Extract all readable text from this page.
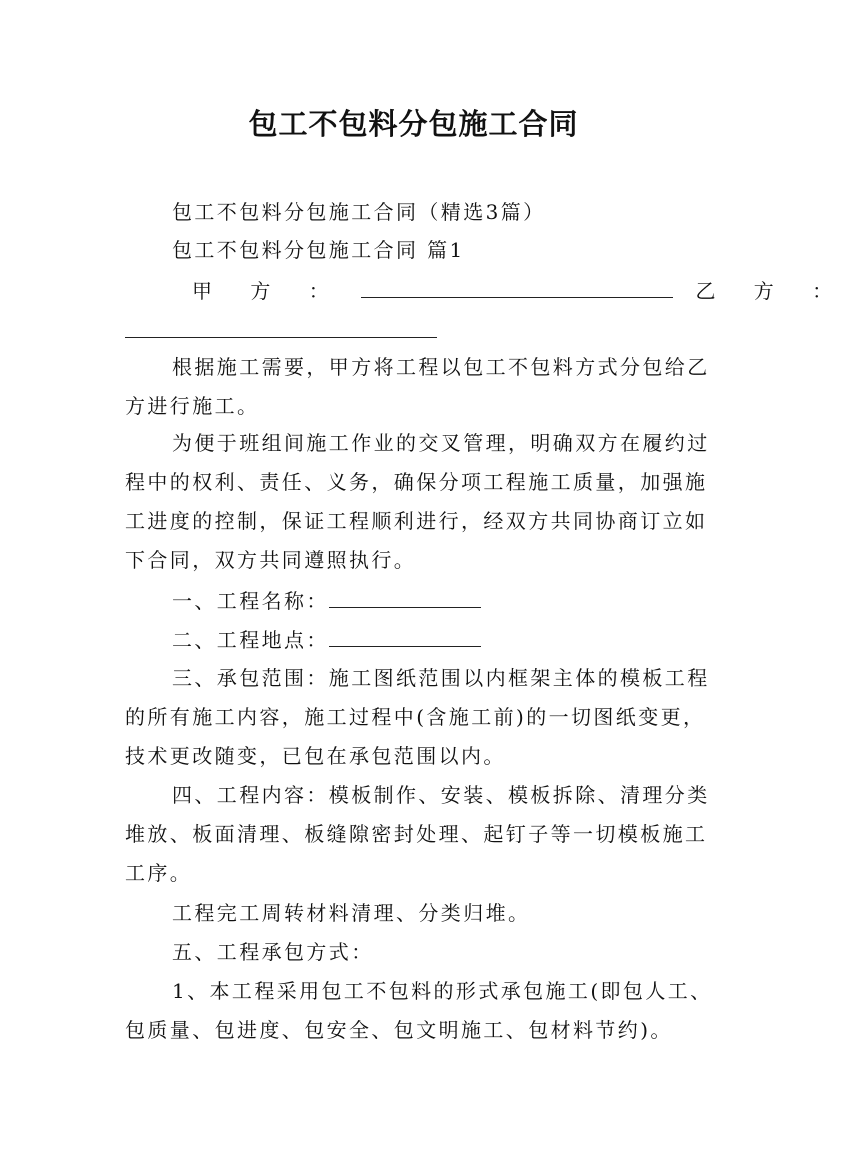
包工不包料分包施工合同
包工不包料分包施工合同（精选3篇）
包工不包料分包施工合同 篇1
甲 方 ：	乙 方 ：
根据施工需要，甲方将工程以包工不包料方式分包给乙
方进行施工。
为便于班组间施工作业的交叉管理，明确双方在履约过
程中的权利、责任、义务，确保分项工程施工质量，加强施
工进度的控制，保证工程顺利进行，经双方共同协商订立如
下合同，双方共同遵照执行。
一、工程名称：
二、工程地点：
三、承包范围：施工图纸范围以内框架主体的模板工程
的所有施工内容，施工过程中(含施工前)的一切图纸变更，
技术更改随变，已包在承包范围以内。
四、工程内容：模板制作、安装、模板拆除、清理分类
堆放、板面清理、板缝隙密封处理、起钉子等一切模板施工
工序。
工程完工周转材料清理、分类归堆。
五、工程承包方式：
1、本工程采用包工不包料的形式承包施工(即包人工、
包质量、包进度、包安全、包文明施工、包材料节约)。
